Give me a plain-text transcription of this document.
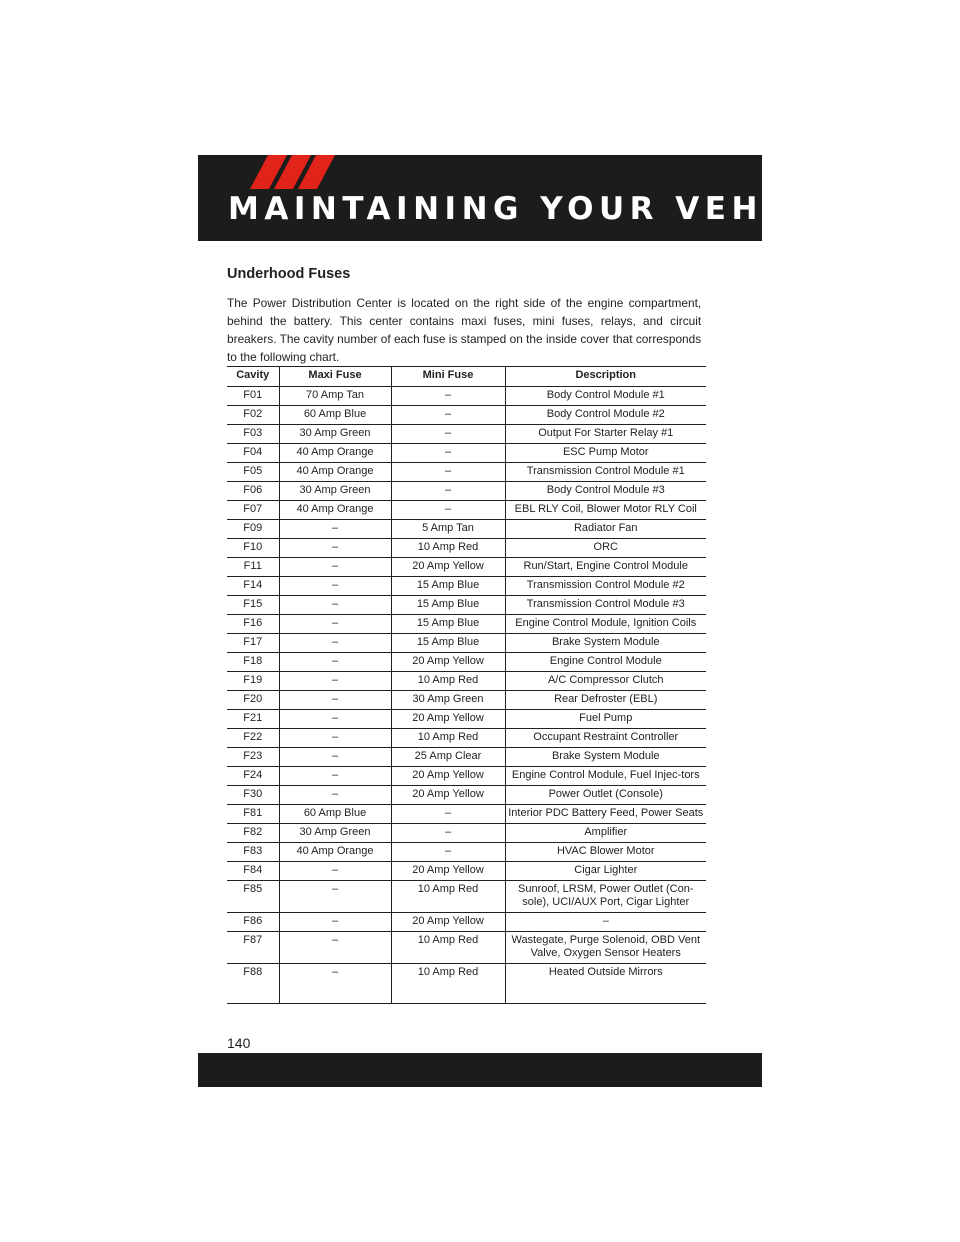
MAINTAINING YOUR VEHICLE
Underhood Fuses

The Power Distribution Center is located on the right side of the engine compartment, behind the battery. This center contains maxi fuses, mini fuses, relays, and circuit breakers. The cavity number of each fuse is stamped on the inside cover that corresponds to the following chart.

Cavity	Maxi Fuse	Mini Fuse	Description
F01	70 Amp Tan	–	Body Control Module #1
F02	60 Amp Blue	–	Body Control Module #2
F03	30 Amp Green	–	Output For Starter Relay #1
F04	40 Amp Orange	–	ESC Pump Motor
F05	40 Amp Orange	–	Transmission Control Module #1
F06	30 Amp Green	–	Body Control Module #3
F07	40 Amp Orange	–	EBL RLY Coil, Blower Motor RLY Coil
F09	–	5 Amp Tan	Radiator Fan
F10	–	10 Amp Red	ORC
F11	–	20 Amp Yellow	Run/Start, Engine Control Module
F14	–	15 Amp Blue	Transmission Control Module #2
F15	–	15 Amp Blue	Transmission Control Module #3
F16	–	15 Amp Blue	Engine Control Module, Ignition Coils
F17	–	15 Amp Blue	Brake System Module
F18	–	20 Amp Yellow	Engine Control Module
F19	–	10 Amp Red	A/C Compressor Clutch
F20	–	30 Amp Green	Rear Defroster (EBL)
F21	–	20 Amp Yellow	Fuel Pump
F22	–	10 Amp Red	Occupant Restraint Controller
F23	–	25 Amp Clear	Brake System Module
F24	–	20 Amp Yellow	Engine Control Module, Fuel Injec-tors
F30	–	20 Amp Yellow	Power Outlet (Console)
F81	60 Amp Blue	–	Interior PDC Battery Feed, Power Seats
F82	30 Amp Green	–	Amplifier
F83	40 Amp Orange	–	HVAC Blower Motor
F84	–	20 Amp Yellow	Cigar Lighter
F85	–	10 Amp Red	Sunroof, LRSM, Power Outlet (Con-sole), UCI/AUX Port, Cigar Lighter
F86	–	20 Amp Yellow	–
F87	–	10 Amp Red	Wastegate, Purge Solenoid, OBD Vent Valve, Oxygen Sensor Heaters
F88	–	10 Amp Red	Heated Outside Mirrors
140
